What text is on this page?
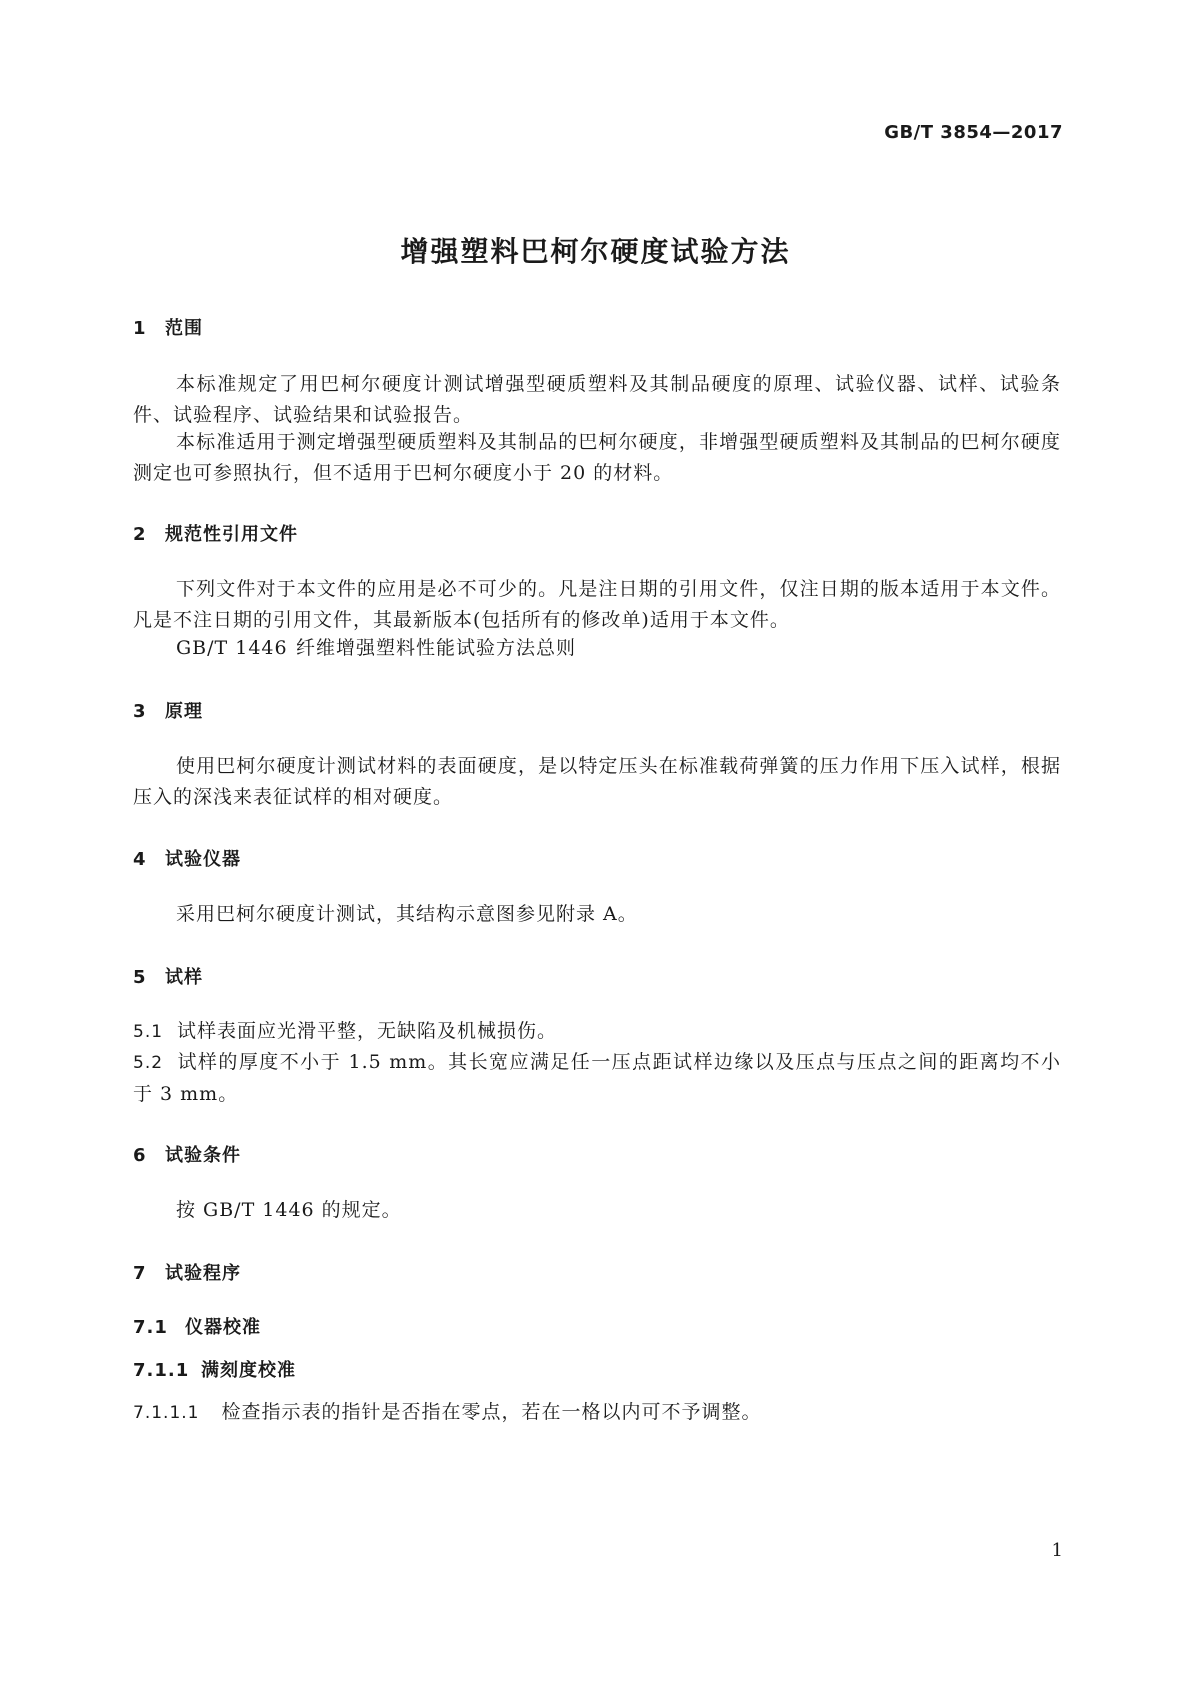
GB/T 3854—2017
增强塑料巴柯尔硬度试验方法
1 范围
本标准规定了用巴柯尔硬度计测试增强型硬质塑料及其制品硬度的原理、试验仪器、试样、试验条件、试验程序、试验结果和试验报告。
本标准适用于测定增强型硬质塑料及其制品的巴柯尔硬度，非增强型硬质塑料及其制品的巴柯尔硬度测定也可参照执行，但不适用于巴柯尔硬度小于 20 的材料。
2 规范性引用文件
下列文件对于本文件的应用是必不可少的。凡是注日期的引用文件，仅注日期的版本适用于本文件。凡是不注日期的引用文件，其最新版本(包括所有的修改单)适用于本文件。
GB/T 1446 纤维增强塑料性能试验方法总则
3 原理
使用巴柯尔硬度计测试材料的表面硬度，是以特定压头在标准载荷弹簧的压力作用下压入试样，根据压入的深浅来表征试样的相对硬度。
4 试验仪器
采用巴柯尔硬度计测试，其结构示意图参见附录 A。
5 试样
5.1 试样表面应光滑平整，无缺陷及机械损伤。
5.2 试样的厚度不小于 1.5 mm。其长宽应满足任一压点距试样边缘以及压点与压点之间的距离均不小于 3 mm。
6 试验条件
按 GB/T 1446 的规定。
7 试验程序
7.1 仪器校准
7.1.1 满刻度校准
7.1.1.1 检查指示表的指针是否指在零点，若在一格以内可不予调整。
1
